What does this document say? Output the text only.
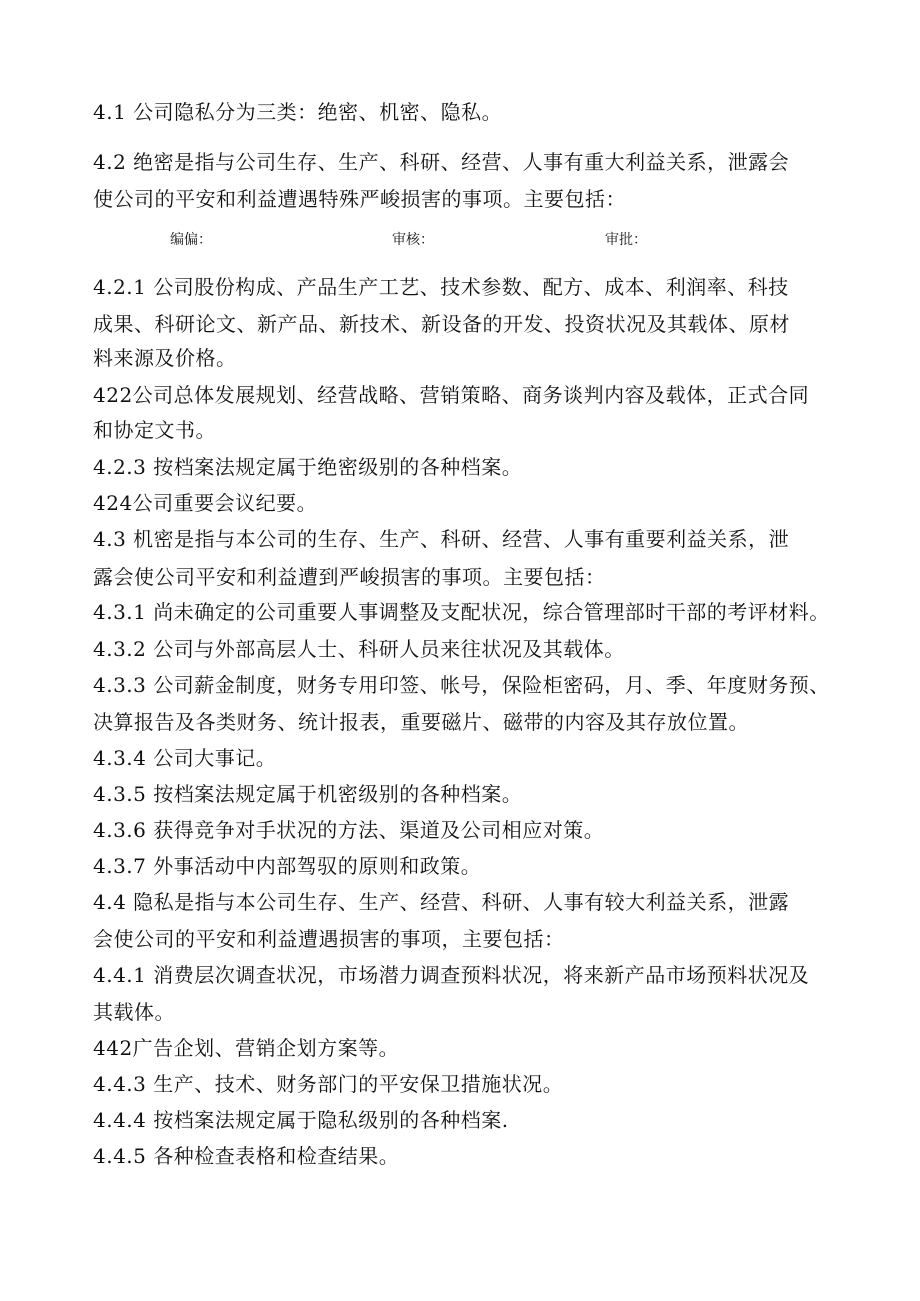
4.1 公司隐私分为三类：绝密、机密、隐私。
4.2 绝密是指与公司生存、生产、科研、经营、人事有重大利益关系，泄露会
使公司的平安和利益遭遇特殊严峻损害的事项。主要包括：
编偏：	审核：	审批：
4.2.1 公司股份构成、产品生产工艺、技术参数、配方、成本、利润率、科技
成果、科研论文、新产品、新技术、新设备的开发、投资状况及其载体、原材
料来源及价格。
422公司总体发展规划、经营战略、营销策略、商务谈判内容及载体，正式合同
和协定文书。
4.2.3 按档案法规定属于绝密级别的各种档案。
424公司重要会议纪要。
4.3 机密是指与本公司的生存、生产、科研、经营、人事有重要利益关系，泄
露会使公司平安和利益遭到严峻损害的事项。主要包括：
4.3.1 尚未确定的公司重要人事调整及支配状况，综合管理部时干部的考评材料。
4.3.2 公司与外部高层人士、科研人员来往状况及其载体。
4.3.3 公司薪金制度，财务专用印签、帐号，保险柜密码，月、季、年度财务预、
决算报告及各类财务、统计报表，重要磁片、磁带的内容及其存放位置。
4.3.4 公司大事记。
4.3.5 按档案法规定属于机密级别的各种档案。
4.3.6 获得竞争对手状况的方法、渠道及公司相应对策。
4.3.7 外事活动中内部驾驭的原则和政策。
4.4 隐私是指与本公司生存、生产、经营、科研、人事有较大利益关系，泄露
会使公司的平安和利益遭遇损害的事项，主要包括：
4.4.1 消费层次调查状况，市场潜力调查预料状况，将来新产品市场预料状况及
其载体。
442广告企划、营销企划方案等。
4.4.3 生产、技术、财务部门的平安保卫措施状况。
4.4.4 按档案法规定属于隐私级别的各种档案.
4.4.5 各种检查表格和检查结果。
